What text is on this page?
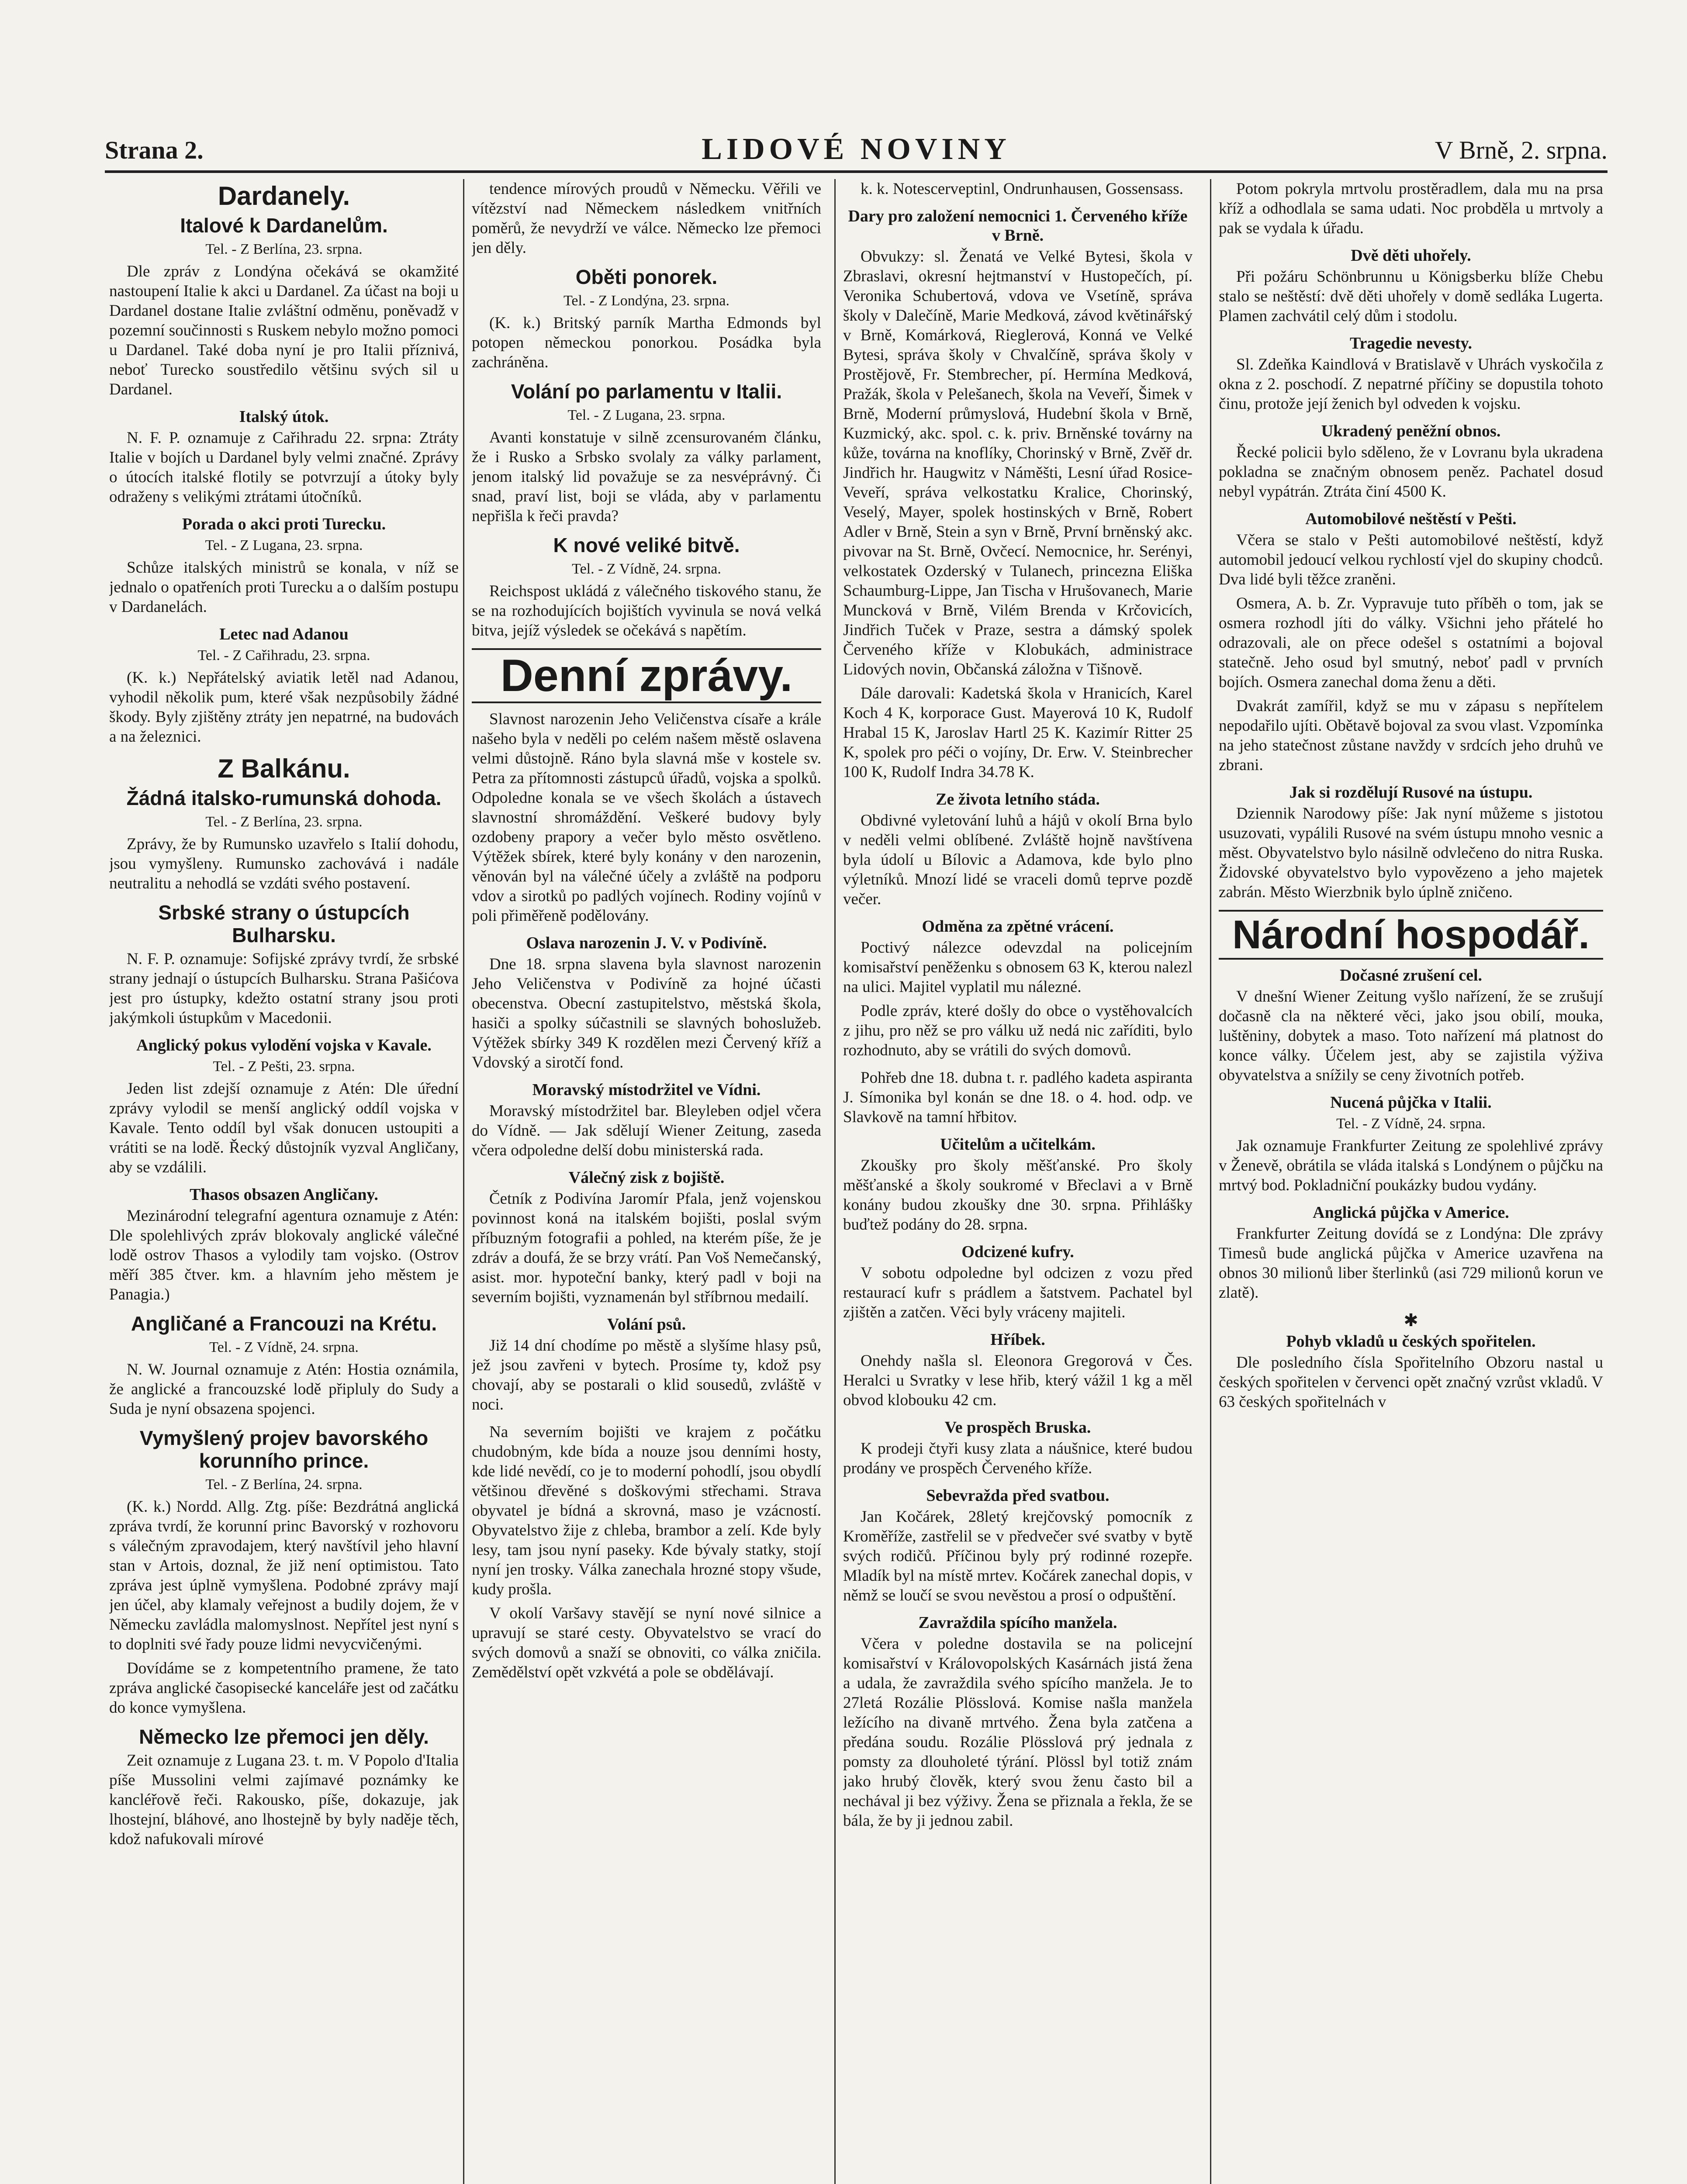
Strana 2.	LIDOVÉ NOVINY	V Brně, 2. srpna.
Dardanely.
Italové k Dardanelům.
Tel. - Z Berlína, 23. srpna.

Dle zpráv z Londýna očekává se okamžité nastoupení Italie k akci u Dardanel. Za účast na boji u Dardanel dostane Italie zvláštní odměnu, poněvadž v pozemní součinnosti s Ruskem nebylo možno pomoci u Dardanel. Také doba nyní je pro Italii příznivá, neboť Turecko soustředilo většinu svých sil u Dardanel.

Italský útok.

N. F. P. oznamuje z Cařihradu 22. srpna: Ztráty Italie v bojích u Dardanel byly velmi značné. Zprávy o útocích italské flotily se potvrzují a útoky byly odraženy s velikými ztrátami útočníků.

Porada o akci proti Turecku.
Tel. - Z Lugana, 23. srpna.

Schůze italských ministrů se konala, v níž se jednalo o opatřeních proti Turecku a o dalším postupu v Dardanelách.

Letec nad Adanou
Tel. - Z Cařihradu, 23. srpna.

(K. k.) Nepřátelský aviatik letěl nad Adanou, vyhodil několik pum, které však nezpůsobily žádné škody. Byly zjištěny ztráty jen nepatrné, na budovách a na železnici.

Z Balkánu.
Žádná italsko-rumunská dohoda.
Tel. - Z Berlína, 23. srpna.

Zprávy, že by Rumunsko uzavřelo s Italií dohodu, jsou vymyšleny. Rumunsko zachovává i nadále neutralitu a nehodlá se vzdáti svého postavení.

Srbské strany o ústupcích Bulharsku.

N. F. P. oznamuje: Sofijské zprávy tvrdí, že srbské strany jednají o ústupcích Bulharsku. Strana Pašićova jest pro ústupky, kdežto ostatní strany jsou proti jakýmkoli ústupkům v Macedonii.

Anglický pokus vylodění vojska v Kavale.
Tel. - Z Pešti, 23. srpna.

Jeden list zdejší oznamuje z Atén: Dle úřední zprávy vylodil se menší anglický oddíl vojska v Kavale. Tento oddíl byl však donucen ustoupiti a vrátiti se na lodě. Řecký důstojník vyzval Angličany, aby se vzdálili.

Thasos obsazen Angličany.

Mezinárodní telegrafní agentura oznamuje z Atén: Dle spolehlivých zpráv blokovaly anglické válečné lodě ostrov Thasos a vylodily tam vojsko. (Ostrov měří 385 čtver. km. a hlavním jeho městem je Panagia.)

Angličané a Francouzi na Krétu.
Tel. - Z Vídně, 24. srpna.

N. W. Journal oznamuje z Atén: Hostia oznámila, že anglické a francouzské lodě připluly do Sudy a Suda je nyní obsazena spojenci.

Vymyšlený projev bavorského korunního prince.
Tel. - Z Berlína, 24. srpna.

(K. k.) Nordd. Allg. Ztg. píše: Bezdrátná anglická zpráva tvrdí, že korunní princ Bavorský v rozhovoru s válečným zpravodajem, který navštívil jeho hlavní stan v Artois, doznal, že již není optimistou. Tato zpráva jest úplně vymyšlena. Podobné zprávy mají jen účel, aby klamaly veřejnost a budily dojem, že v Německu zavládla malomyslnost. Nepřítel jest nyní s to doplniti své řady pouze lidmi nevycvičenými.

Dovídáme se z kompetentního pramene, že tato zpráva anglické časopisecké kanceláře jest od začátku do konce vymyšlena.

Německo lze přemoci jen děly.

Zeit oznamuje z Lugana 23. t. m. V Popolo d'Italia píše Mussolini velmi zajímavé poznámky ke kancléřově řeči. Rakousko, píše, dokazuje, jak lhostejní, bláhové, ano lhostejně by byly naděje těch, kdož nafukovali mírové

tendence mírových proudů v Německu. Věřili ve vítězství nad Německem následkem vnitřních poměrů, že nevydrží ve válce. Německo lze přemoci jen děly.

Oběti ponorek.
Tel. - Z Londýna, 23. srpna.

(K. k.) Britský parník Martha Edmonds byl potopen německou ponorkou. Posádka byla zachráněna.

Volání po parlamentu v Italii.
Tel. - Z Lugana, 23. srpna.

Avanti konstatuje v silně zcensurovaném článku, že i Rusko a Srbsko svolaly za války parlament, jenom italský lid považuje se za nesvéprávný. Či snad, praví list, boji se vláda, aby v parlamentu nepřišla k řeči pravda?

K nové veliké bitvě.
Tel. - Z Vídně, 24. srpna.

Reichspost ukládá z válečného tiskového stanu, že se na rozhodujících bojištích vyvinula se nová velká bitva, jejíž výsledek se očekává s napětím.

Denní zprávy.

Slavnost narozenin Jeho Veličenstva císaře a krále našeho byla v neděli po celém našem městě oslavena velmi důstojně. Ráno byla slavná mše v kostele sv. Petra za přítomnosti zástupců úřadů, vojska a spolků. Odpoledne konala se ve všech školách a ústavech slavnostní shromáždění. Veškeré budovy byly ozdobeny prapory a večer bylo město osvětleno. Výtěžek sbírek, které byly konány v den narozenin, věnován byl na válečné účely a zvláště na podporu vdov a sirotků po padlých vojínech. Rodiny vojínů v poli přiměřeně podělovány.

Oslava narozenin J. V. v Podivíně.

Dne 18. srpna slavena byla slavnost narozenin Jeho Veličenstva v Podivíně za hojné účasti obecenstva. Obecní zastupitelstvo, městská škola, hasiči a spolky súčastnili se slavných bohoslužeb. Výtěžek sbírky 349 K rozdělen mezi Červený kříž a Vdovský a sirotčí fond.

Moravský místodržitel ve Vídni.

Moravský místodržitel bar. Bleyleben odjel včera do Vídně. — Jak sdělují Wiener Zeitung, zaseda včera odpoledne delší dobu ministerská rada.

Válečný zisk z bojiště.

Četník z Podivína Jaromír Pfala, jenž vojenskou povinnost koná na italském bojišti, poslal svým příbuzným fotografii a pohled, na kterém píše, že je zdráv a doufá, že se brzy vrátí. Pan Voš Nemečanský, asist. mor. hypoteční banky, který padl v boji na severním bojišti, vyznamenán byl stříbrnou medailí.

Volání psů.

Již 14 dní chodíme po městě a slyšíme hlasy psů, jež jsou zavřeni v bytech. Prosíme ty, kdož psy chovají, aby se postarali o klid sousedů, zvláště v noci.

Na severním bojišti ve krajem z počátku chudobným, kde bída a nouze jsou denními hosty, kde lidé nevědí, co je to moderní pohodlí, jsou obydlí většinou dřevěné s doškovými střechami. Strava obyvatel je bídná a skrovná, maso je vzácností. Obyvatelstvo žije z chleba, brambor a zelí. Kde byly lesy, tam jsou nyní paseky. Kde bývaly statky, stojí nyní jen trosky. Válka zanechala hrozné stopy všude, kudy prošla.

V okolí Varšavy stavějí se nyní nové silnice a upravují se staré cesty. Obyvatelstvo se vrací do svých domovů a snaží se obnoviti, co válka zničila. Zemědělství opět vzkvétá a pole se obdělávají.

k. k. Notescerveptinl, Ondrunhausen, Gossensass.

Dary pro založení nemocnici 1. Červeného kříže v Brně.

Obvukzy: sl. Ženatá ve Velké Bytesi, škola v Zbraslavi, okresní hejtmanství v Hustopečích, pí. Veronika Schubertová, vdova ve Vsetíně, správa školy v Dalečíně, Marie Medková, závod květinářský v Brně, Komárková, Rieglerová, Konná ve Velké Bytesi, správa školy v Chvalčíně, správa školy v Prostějově, Fr. Stembrecher, pí. Hermína Medková, Pražák, škola v Pelešanech, škola na Veveří, Šimek v Brně, Moderní průmyslová, Hudební škola v Brně, Kuzmický, akc. spol. c. k. priv. Brněnské továrny na kůže, továrna na knoflíky, Chorinský v Brně, Zvěř dr. Jindřich hr. Haugwitz v Náměšti, Lesní úřad Rosice-Veveří, správa velkostatku Kralice, Chorinský, Veselý, Mayer, spolek hostinských v Brně, Robert Adler v Brně, Stein a syn v Brně, První brněnský akc. pivovar na St. Brně, Ovčecí. Nemocnice, hr. Serényi, velkostatek Ozderský v Tulanech, princezna Eliška Schaumburg-Lippe, Jan Tischa v Hrušovanech, Marie Muncková v Brně, Vilém Brenda v Krčovicích, Jindřich Tuček v Praze, sestra a dámský spolek Červeného kříže v Klobukách, administrace Lidových novin, Občanská záložna v Tišnově.

Dále darovali: Kadetská škola v Hranicích, Karel Koch 4 K, korporace Gust. Mayerová 10 K, Rudolf Hrabal 15 K, Jaroslav Hartl 25 K. Kazimír Ritter 25 K, spolek pro péči o vojíny, Dr. Erw. V. Steinbrecher 100 K, Rudolf Indra 34.78 K.

Ze života letního stáda.

Obdivné vyletování luhů a hájů v okolí Brna bylo v neděli velmi oblíbené. Zvláště hojně navštívena byla údolí u Bílovic a Adamova, kde bylo plno výletníků. Mnozí lidé se vraceli domů teprve pozdě večer.

Odměna za zpětné vrácení.

Poctivý nálezce odevzdal na policejním komisařství peněženku s obnosem 63 K, kterou nalezl na ulici. Majitel vyplatil mu nálezné.

Podle zpráv, které došly do obce o vystěhovalcích z jihu, pro něž se pro válku už nedá nic zaříditi, bylo rozhodnuto, aby se vrátili do svých domovů.

Pohřeb dne 18. dubna t. r. padlého kadeta aspiranta J. Símonika byl konán se dne 18. o 4. hod. odp. ve Slavkově na tamní hřbitov.

Učitelům a učitelkám.

Zkoušky pro školy měšťanské. Pro školy měšťanské a školy soukromé v Břeclavi a v Brně konány budou zkoušky dne 30. srpna. Přihlášky buďtež podány do 28. srpna.

Odcizené kufry.

V sobotu odpoledne byl odcizen z vozu před restaurací kufr s prádlem a šatstvem. Pachatel byl zjištěn a zatčen. Věci byly vráceny majiteli.

Hříbek.

Onehdy našla sl. Eleonora Gregorová v Čes. Heralci u Svratky v lese hřib, který vážil 1 kg a měl obvod klobouku 42 cm.

Ve prospěch Bruska.

K prodeji čtyři kusy zlata a náušnice, které budou prodány ve prospěch Červeného kříže.

Sebevražda před svatbou.

Jan Kočárek, 28letý krejčovský pomocník z Kroměříže, zastřelil se v předvečer své svatby v bytě svých rodičů. Příčinou byly prý rodinné rozepře. Mladík byl na místě mrtev. Kočárek zanechal dopis, v němž se loučí se svou nevěstou a prosí o odpuštění.

Zavraždila spícího manžela.

Včera v poledne dostavila se na policejní komisařství v Královopolských Kasárnách jistá žena a udala, že zavraždila svého spícího manžela. Je to 27letá Rozálie Plösslová. Komise našla manžela ležícího na divaně mrtvého. Žena byla zatčena a předána soudu. Rozálie Plösslová prý jednala z pomsty za dlouholeté týrání. Plössl byl totiž znám jako hrubý člověk, který svou ženu často bil a nechával ji bez výživy. Žena se přiznala a řekla, že se bála, že by ji jednou zabil.

Potom pokryla mrtvolu prostěradlem, dala mu na prsa kříž a odhodlala se sama udati. Noc probděla u mrtvoly a pak se vydala k úřadu.

Dvě děti uhořely.

Při požáru Schönbrunnu u Königsberku blíže Chebu stalo se neštěstí: dvě děti uhořely v domě sedláka Lugerta. Plamen zachvátil celý dům i stodolu.

Tragedie nevesty.

Sl. Zdeňka Kaindlová v Bratislavě v Uhrách vyskočila z okna z 2. poschodí. Z nepatrné příčiny se dopustila tohoto činu, protože její ženich byl odveden k vojsku.

Ukradený peněžní obnos.

Řecké policii bylo sděleno, že v Lovranu byla ukradena pokladna se značným obnosem peněz. Pachatel dosud nebyl vypátrán. Ztráta činí 4500 K.

Automobilové neštěstí v Pešti.

Včera se stalo v Pešti automobilové neštěstí, když automobil jedoucí velkou rychlostí vjel do skupiny chodců. Dva lidé byli těžce zraněni.

Osmera, A. b. Zr. Vypravuje tuto příběh o tom, jak se osmera rozhodl jíti do války. Všichni jeho přátelé ho odrazovali, ale on přece odešel s ostatními a bojoval statečně. Jeho osud byl smutný, neboť padl v prvních bojích. Osmera zanechal doma ženu a děti.

Dvakrát zamířil, když se mu v zápasu s nepřítelem nepodařilo ujíti. Obětavě bojoval za svou vlast. Vzpomínka na jeho statečnost zůstane navždy v srdcích jeho druhů ve zbrani.

Jak si rozdělují Rusové na ústupu.

Dziennik Narodowy píše: Jak nyní můžeme s jistotou usuzovati, vypálili Rusové na svém ústupu mnoho vesnic a měst. Obyvatelstvo bylo násilně odvlečeno do nitra Ruska. Židovské obyvatelstvo bylo vypovězeno a jeho majetek zabrán. Město Wierzbnik bylo úplně zničeno.

Národní hospodář.
Dočasné zrušení cel.

V dnešní Wiener Zeitung vyšlo nařízení, že se zrušují dočasně cla na některé věci, jako jsou obilí, mouka, luštěniny, dobytek a maso. Toto nařízení má platnost do konce války. Účelem jest, aby se zajistila výživa obyvatelstva a snížily se ceny životních potřeb.

Nucená půjčka v Italii.
Tel. - Z Vídně, 24. srpna.

Jak oznamuje Frankfurter Zeitung ze spolehlivé zprávy v Ženevě, obrátila se vláda italská s Londýnem o půjčku na mrtvý bod. Pokladniční poukázky budou vydány.

Anglická půjčka v Americe.

Frankfurter Zeitung dovídá se z Londýna: Dle zprávy Timesů bude anglická půjčka v Americe uzavřena na obnos 30 milionů liber šterlinků (asi 729 milionů korun ve zlatě).

✱
Pohyb vkladů u českých spořitelen.

Dle posledního čísla Spořitelního Obzoru nastal u českých spořitelen v červenci opět značný vzrůst vkladů. V 63 českých spořitelnách v
